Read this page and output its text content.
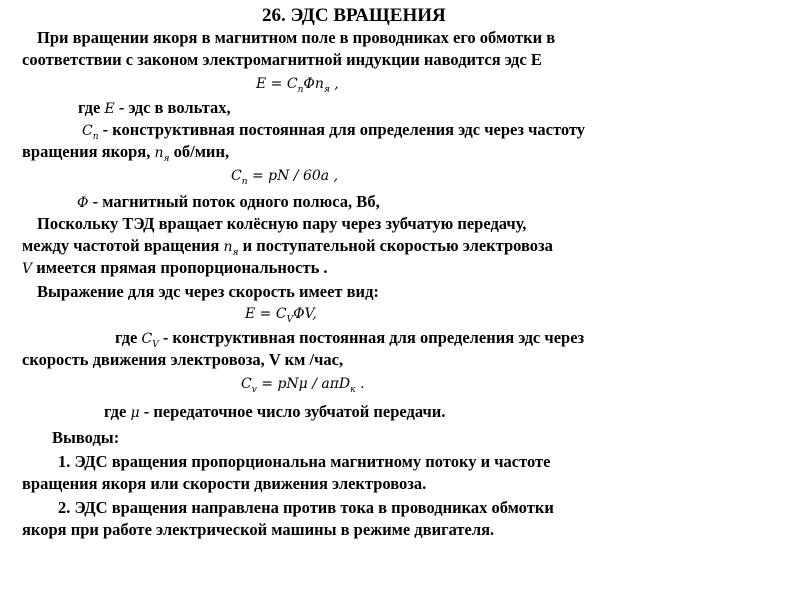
26. ЭДС ВРАЩЕНИЯ
При вращении якоря в магнитном поле в проводниках его обмотки в
соответствии с законом электромагнитной индукции наводится эдс Е
$E = C_п\Phi n_я$ ,
где E - эдс в вольтах,
$C_п$ - конструктивная постоянная для определения эдс через частоту
вращения якоря, $n_я$ об/мин,
$C_п$ = pN / 60a ,
Φ - магнитный поток одного полюса, Вб,
Поскольку ТЭД вращает колёсную пару через зубчатую передачу,
между частотой вращения $n_я$ и поступательной скоростью электровоза
V имеется прямая пропорциональность .
Выражение для эдс через скорость имеет вид:
$E = C_V\Phi V$,
где $C_V$ - конструктивная постоянная для определения эдс через
скорость движения электровоза, V км /час,
$C_v = pN\mu / a\pi D_к$ .
где μ - передаточное число зубчатой передачи.
Выводы:
1. ЭДС вращения пропорциональна магнитному потоку и частоте
вращения якоря или скорости движения электровоза.
2. ЭДС вращения направлена против тока в проводниках обмотки
якоря при работе электрической машины в режиме двигателя.
